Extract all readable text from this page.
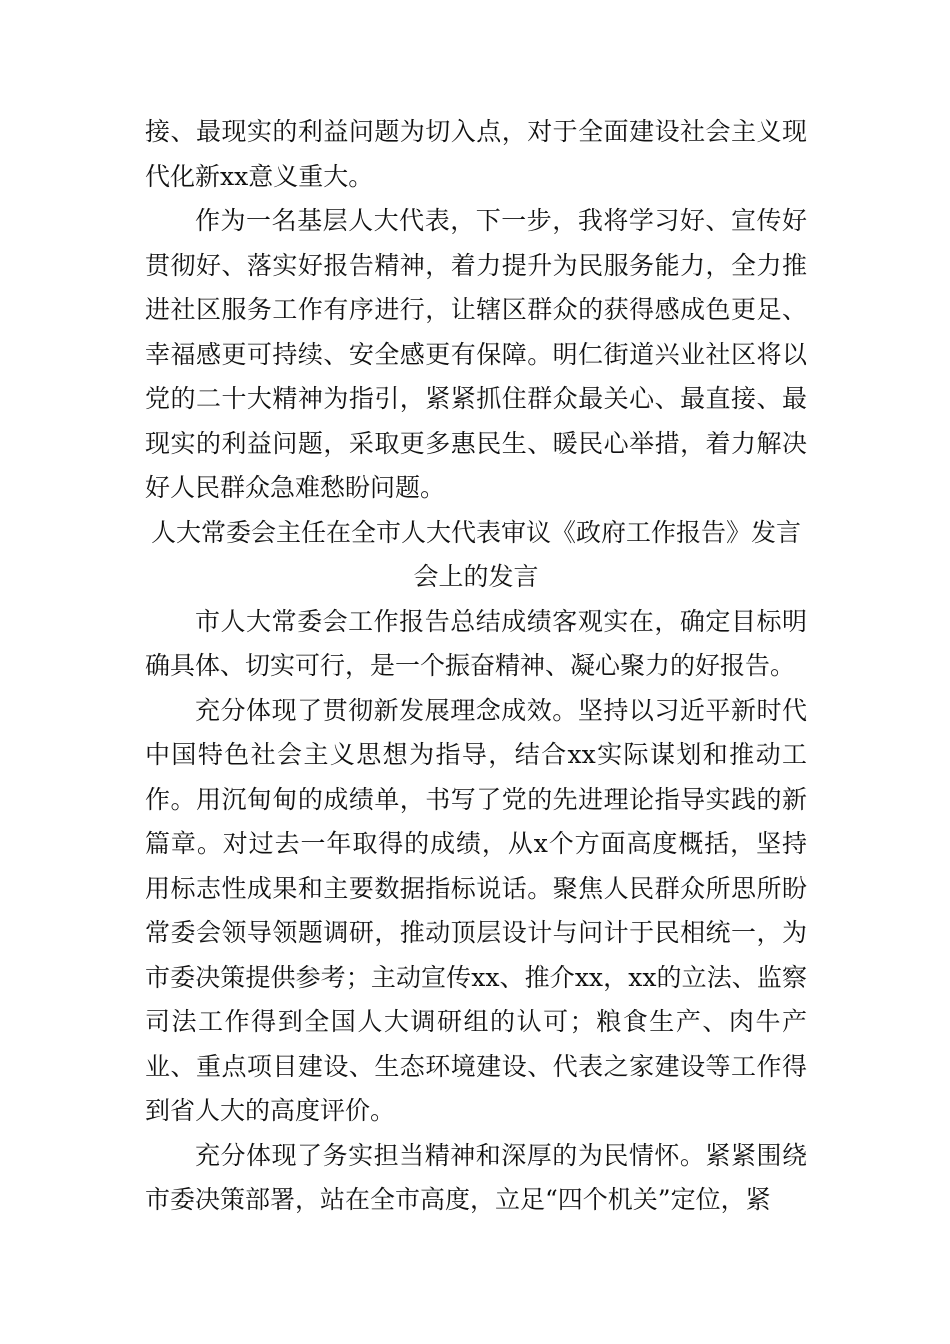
接、最现实的利益问题为切入点，对于全面建设社会主义现代化新xx意义重大。

作为一名基层人大代表，下一步，我将学习好、宣传好贯彻好、落实好报告精神，着力提升为民服务能力，全力推进社区服务工作有序进行，让辖区群众的获得感成色更足、幸福感更可持续、安全感更有保障。明仁街道兴业社区将以党的二十大精神为指引，紧紧抓住群众最关心、最直接、最现实的利益问题，采取更多惠民生、暖民心举措，着力解决好人民群众急难愁盼问题。

人大常委会主任在全市人大代表审议《政府工作报告》发言会上的发言

市人大常委会工作报告总结成绩客观实在，确定目标明确具体、切实可行，是一个振奋精神、凝心聚力的好报告。

充分体现了贯彻新发展理念成效。坚持以习近平新时代中国特色社会主义思想为指导，结合xx实际谋划和推动工作。用沉甸甸的成绩单，书写了党的先进理论指导实践的新篇章。对过去一年取得的成绩，从x个方面高度概括，坚持用标志性成果和主要数据指标说话。聚焦人民群众所思所盼常委会领导领题调研，推动顶层设计与问计于民相统一，为市委决策提供参考；主动宣传xx、推介xx，xx的立法、监察司法工作得到全国人大调研组的认可；粮食生产、肉牛产业、重点项目建设、生态环境建设、代表之家建设等工作得到省人大的高度评价。

充分体现了务实担当精神和深厚的为民情怀。紧紧围绕市委决策部署，站在全市高度，立足“四个机关”定位，紧
